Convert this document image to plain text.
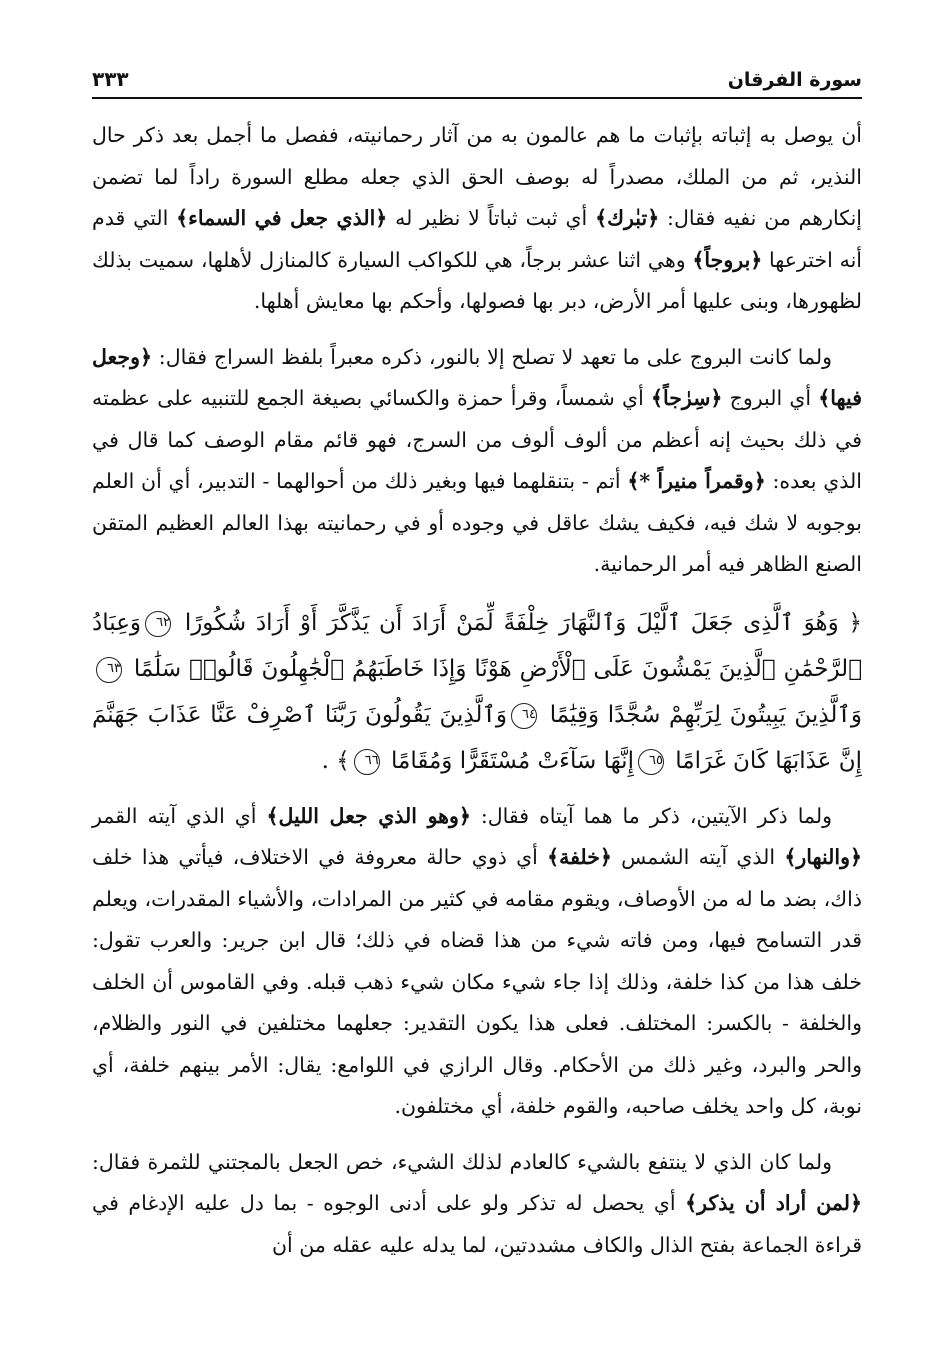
سورة الفرقان
٣٣٣
أن يوصل به إثباته بإثبات ما هم عالمون به من آثار رحمانيته، ففصل ما أجمل بعد ذكر حال النذير، ثم من الملك، مصدراً له بوصف الحق الذي جعله مطلع السورة راداً لما تضمن إنكارهم من نفيه فقال: ﴿تبٰرك﴾ أي ثبت ثباتاً لا نظير له ﴿الذي جعل في السماء﴾ التي قدم أنه اخترعها ﴿بروجاً﴾ وهي اثنا عشر برجاً، هي للكواكب السيارة كالمنازل لأهلها، سميت بذلك لظهورها، وبنى عليها أمر الأرض، دبر بها فصولها، وأحكم بها معايش أهلها.
ولما كانت البروج على ما تعهد لا تصلح إلا بالنور، ذكره معبراً بلفظ السراج فقال: ﴿وجعل فيها﴾ أي البروج ﴿سِرٰجاً﴾ أي شمساً، وقرأ حمزة والكسائي بصيغة الجمع للتنبيه على عظمته في ذلك بحيث إنه أعظم من ألوف ألوف من السرج، فهو قائم مقام الوصف كما قال في الذي بعده: ﴿وقمراً منيراً *﴾ أتم - بتنقلهما فيها وبغير ذلك من أحوالهما - التدبير، أي أن العلم بوجوبه لا شك فيه، فكيف يشك عاقل في وجوده أو في رحمانيته بهذا العالم العظيم المتقن الصنع الظاهر فيه أمر الرحمانية.
﴿ وَهُوَ ٱلَّذِى جَعَلَ ٱلَّيْلَ وَٱلنَّهَارَ خِلْفَةً لِّمَنْ أَرَادَ أَن يَذَّكَّرَ أَوْ أَرَادَ شُكُورًا ٦٢وَعِبَادُ ٱلرَّحْمَٰنِ ٱلَّذِينَ يَمْشُونَ عَلَى ٱلْأَرْضِ هَوْنًا وَإِذَا خَاطَبَهُمُ ٱلْجَٰهِلُونَ قَالُوا۟ سَلَٰمًا ٦٣وَٱلَّذِينَ يَبِيتُونَ لِرَبِّهِمْ سُجَّدًا وَقِيَٰمًا ٦٤وَٱلَّذِينَ يَقُولُونَ رَبَّنَا ٱصْرِفْ عَنَّا عَذَابَ جَهَنَّمَ إِنَّ عَذَابَهَا كَانَ غَرَامًا ٦٥إِنَّهَا سَآءَتْ مُسْتَقَرًّا وَمُقَامًا ٦٦﴾ .
ولما ذكر الآيتين، ذكر ما هما آيتاه فقال: ﴿وهو الذي جعل الليل﴾ أي الذي آيته القمر ﴿والنهار﴾ الذي آيته الشمس ﴿خلفة﴾ أي ذوي حالة معروفة في الاختلاف، فيأتي هذا خلف ذاك، بضد ما له من الأوصاف، ويقوم مقامه في كثير من المرادات، والأشياء المقدرات، ويعلم قدر التسامح فيها، ومن فاته شيء من هذا قضاه في ذلك؛ قال ابن جرير: والعرب تقول: خلف هذا من كذا خلفة، وذلك إذا جاء شيء مكان شيء ذهب قبله. وفي القاموس أن الخلف والخلفة - بالكسر: المختلف. فعلى هذا يكون التقدير: جعلهما مختلفين في النور والظلام، والحر والبرد، وغير ذلك من الأحكام. وقال الرازي في اللوامع: يقال: الأمر بينهم خلفة، أي نوبة، كل واحد يخلف صاحبه، والقوم خلفة، أي مختلفون.
ولما كان الذي لا ينتفع بالشيء كالعادم لذلك الشيء، خص الجعل بالمجتني للثمرة فقال: ﴿لمن أراد أن يذكر﴾ أي يحصل له تذكر ولو على أدنى الوجوه - بما دل عليه الإدغام في قراءة الجماعة بفتح الذال والكاف مشددتين، لما يدله عليه عقله من أن
